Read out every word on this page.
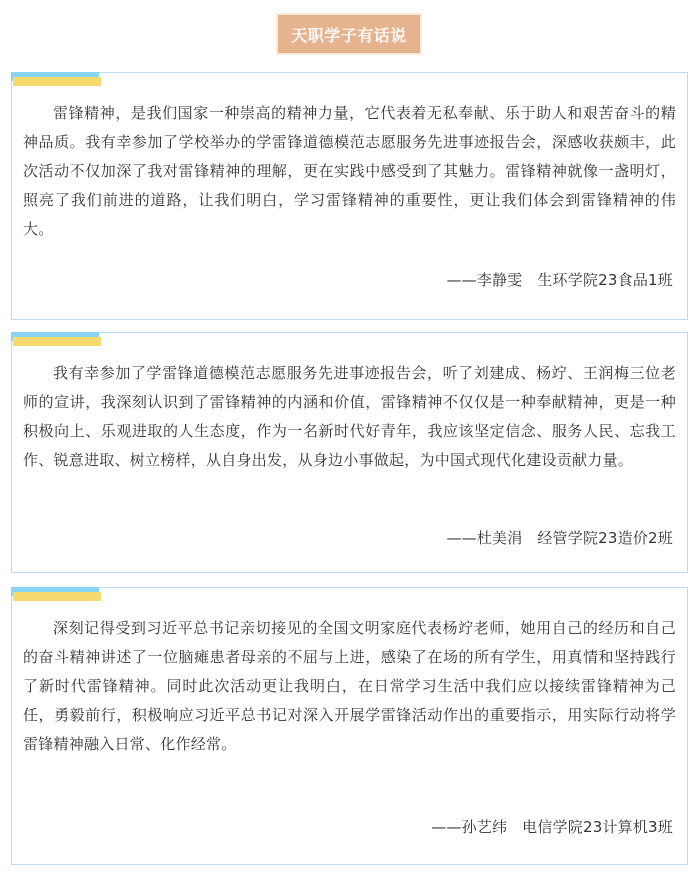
天职学子有话说

雷锋精神，是我们国家一种崇高的精神力量，它代表着无私奉献、乐于助人和艰苦奋斗的精神品质。我有幸参加了学校举办的学雷锋道德模范志愿服务先进事迹报告会，深感收获颇丰，此次活动不仅加深了我对雷锋精神的理解，更在实践中感受到了其魅力。雷锋精神就像一盏明灯，照亮了我们前进的道路，让我们明白，学习雷锋精神的重要性，更让我们体会到雷锋精神的伟大。

——李静雯   生环学院23食品1班

我有幸参加了学雷锋道德模范志愿服务先进事迹报告会，听了刘建成、杨竚、王润梅三位老师的宣讲，我深刻认识到了雷锋精神的内涵和价值，雷锋精神不仅仅是一种奉献精神，更是一种积极向上、乐观进取的人生态度，作为一名新时代好青年，我应该坚定信念、服务人民、忘我工作、锐意进取、树立榜样，从自身出发，从身边小事做起，为中国式现代化建设贡献力量。

——杜美涓   经管学院23造价2班

深刻记得受到习近平总书记亲切接见的全国文明家庭代表杨竚老师，她用自己的经历和自己的奋斗精神讲述了一位脑瘫患者母亲的不屈与上进，感染了在场的所有学生，用真情和坚持践行了新时代雷锋精神。同时此次活动更让我明白，在日常学习生活中我们应以接续雷锋精神为己任，勇毅前行，积极响应习近平总书记对深入开展学雷锋活动作出的重要指示，用实际行动将学雷锋精神融入日常、化作经常。

——孙艺纬   电信学院23计算机3班
